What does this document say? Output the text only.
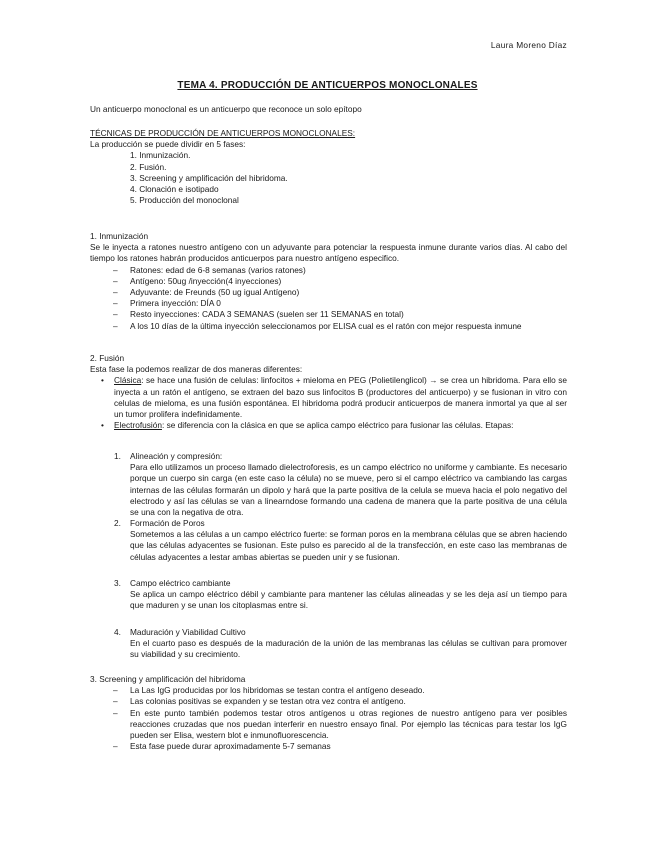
Laura Moreno Díaz
TEMA 4. PRODUCCIÓN DE ANTICUERPOS MONOCLONALES
Un anticuerpo monoclonal es un anticuerpo que reconoce un solo epítopo
TÉCNICAS DE PRODUCCIÓN DE ANTICUERPOS MONOCLONALES:
La producción se puede dividir en 5 fases:
1. Inmunización.
2. Fusión.
3. Screening y amplificación del hibridoma.
4. Clonación e isotipado
5. Producción del monoclonal
1. Inmunización
Se le inyecta a ratones nuestro antígeno con un adyuvante para potenciar la respuesta inmune durante varios días. Al cabo del tiempo los ratones habrán producidos anticuerpos para nuestro antígeno especifico.
– Ratones: edad de 6-8 semanas (varios ratones)
– Antígeno: 50ug /inyección(4 inyecciones)
– Adyuvante: de Freunds (50 ug igual Antígeno)
– Primera inyección: DÍA 0
– Resto inyecciones: CADA 3 SEMANAS (suelen ser 11 SEMANAS en total)
– A los 10 días de la última inyección seleccionamos por ELISA cual es el ratón con mejor respuesta inmune
2. Fusión
Esta fase la podemos realizar de dos maneras diferentes:
• Clásica: se hace una fusión de celulas: linfocitos + mieloma en PEG (Polietilenglicol) → se crea un hibridoma. Para ello se inyecta a un ratón el antígeno, se extraen del bazo sus linfocitos B (productores del anticuerpo) y se fusionan in vitro con celulas de mieloma, es una fusión espontánea. El hibridoma podrá producir anticuerpos de manera inmortal ya que al ser un tumor prolifera indefinidamente.
• Electrofusión: se diferencia con la clásica en que se aplica campo eléctrico para fusionar las células. Etapas:
1. Alineación y compresión:
Para ello utilizamos un proceso llamado dielectroforesis, es un campo eléctrico no uniforme y cambiante. Es necesario porque un cuerpo sin carga (en este caso la célula) no se mueve, pero si el campo eléctrico va cambiando las cargas internas de las células formarán un dipolo y hará que la parte positiva de la celula se mueva hacia el polo negativo del electrodo y así las células se van a linearndose formando una cadena de manera que la parte positiva de una célula se una con la negativa de otra.
2. Formación de Poros
Sometemos a las células a un campo eléctrico fuerte: se forman poros en la membrana células que se abren haciendo que las células adyacentes se fusionan. Este pulso es parecido al de la transfección, en este caso las membranas de células adyacentes a lestar ambas abiertas se pueden unir y se fusionan.
3. Campo eléctrico cambiante
Se aplica un campo eléctrico débil y cambiante para mantener las células alineadas y se les deja así un tiempo para que maduren y se unan los citoplasmas entre si.
4. Maduración y Viabilidad Cultivo
En el cuarto paso es después de la maduración de la unión de las membranas las células se cultivan para promover su viabilidad y su crecimiento.
3. Screening y amplificación del hibridoma
– La Las IgG producidas por los hibridomas se testan contra el antígeno deseado.
– Las colonias positivas se expanden y se testan otra vez contra el antígeno.
– En este punto también podemos testar otros antígenos u otras regiones de nuestro antígeno para ver posibles reacciones cruzadas que nos puedan interferir en nuestro ensayo final. Por ejemplo las técnicas para testar los IgG pueden ser Elisa, western blot e inmunofluorescencia.
– Esta fase puede durar aproximadamente 5-7 semanas
